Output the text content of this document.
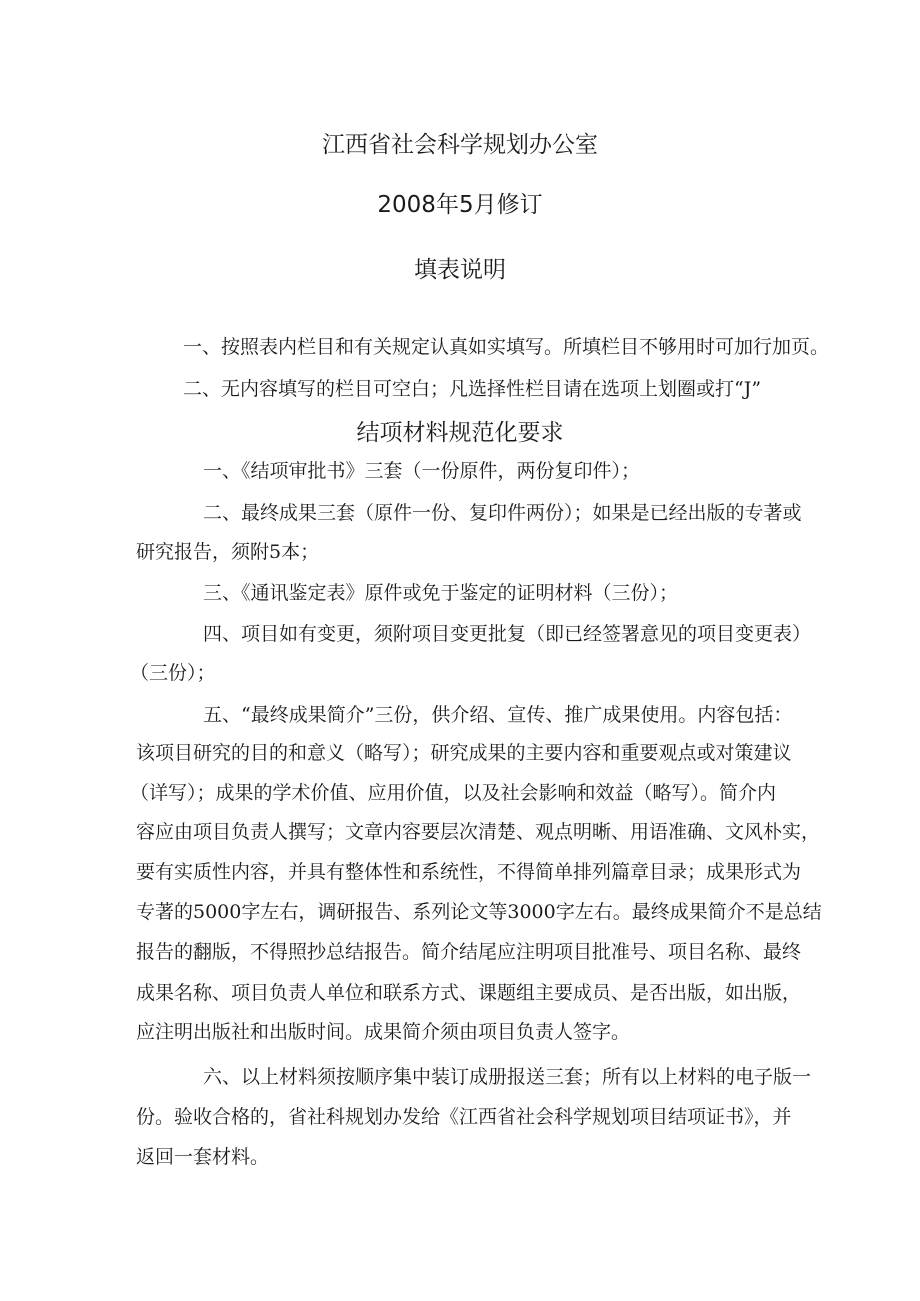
江西省社会科学规划办公室
2008年5月修订
填表说明

一、按照表内栏目和有关规定认真如实填写。所填栏目不够用时可加行加页。

二、无内容填写的栏目可空白；凡选择性栏目请在选项上划圈或打“J”

结项材料规范化要求

一、《结项审批书》三套（一份原件，两份复印件）；

二、最终成果三套（原件一份、复印件两份）；如果是已经出版的专著或

研究报告，须附5本；

三、《通讯鉴定表》原件或免于鉴定的证明材料（三份）；

四、项目如有变更，须附项目变更批复（即已经签署意见的项目变更表）

（三份）；

五、“最终成果简介”三份，供介绍、宣传、推广成果使用。内容包括：

该项目研究的目的和意义（略写）；研究成果的主要内容和重要观点或对策建议

（详写）；成果的学术价值、应用价值，以及社会影响和效益（略写）。简介内

容应由项目负责人撰写；文章内容要层次清楚、观点明晰、用语准确、文风朴实，

要有实质性内容，并具有整体性和系统性，不得简单排列篇章目录；成果形式为

专著的5000字左右，调研报告、系列论文等3000字左右。最终成果简介不是总结

报告的翻版，不得照抄总结报告。简介结尾应注明项目批准号、项目名称、最终

成果名称、项目负责人单位和联系方式、课题组主要成员、是否出版，如出版，

应注明出版社和出版时间。成果简介须由项目负责人签字。

六、以上材料须按顺序集中装订成册报送三套；所有以上材料的电子版一

份。验收合格的，省社科规划办发给《江西省社会科学规划项目结项证书》，并

返回一套材料。
